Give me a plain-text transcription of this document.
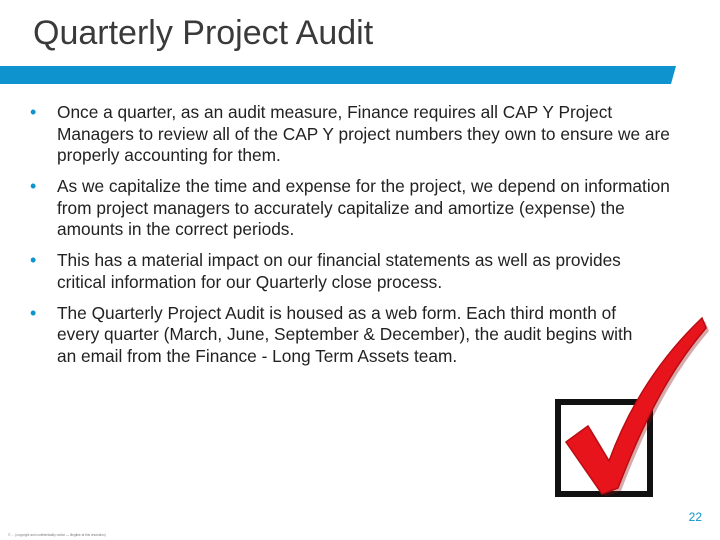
Quarterly Project Audit
• Once a quarter, as an audit measure, Finance requires all CAP Y Project Managers to review all of the CAP Y project numbers they own to ensure we are properly accounting for them.
• As we capitalize the time and expense for the project, we depend on information from project managers to accurately capitalize and amortize (expense) the amounts in the correct periods.
• This has a material impact on our financial statements as well as provides critical information for our Quarterly close process.
• The Quarterly Project Audit is housed as a web form. Each third month of every quarter (March, June, September & December), the audit begins with an email from the Finance - Long Term Assets team.
22
© … (copyright and confidentiality notice — illegible at this resolution)
